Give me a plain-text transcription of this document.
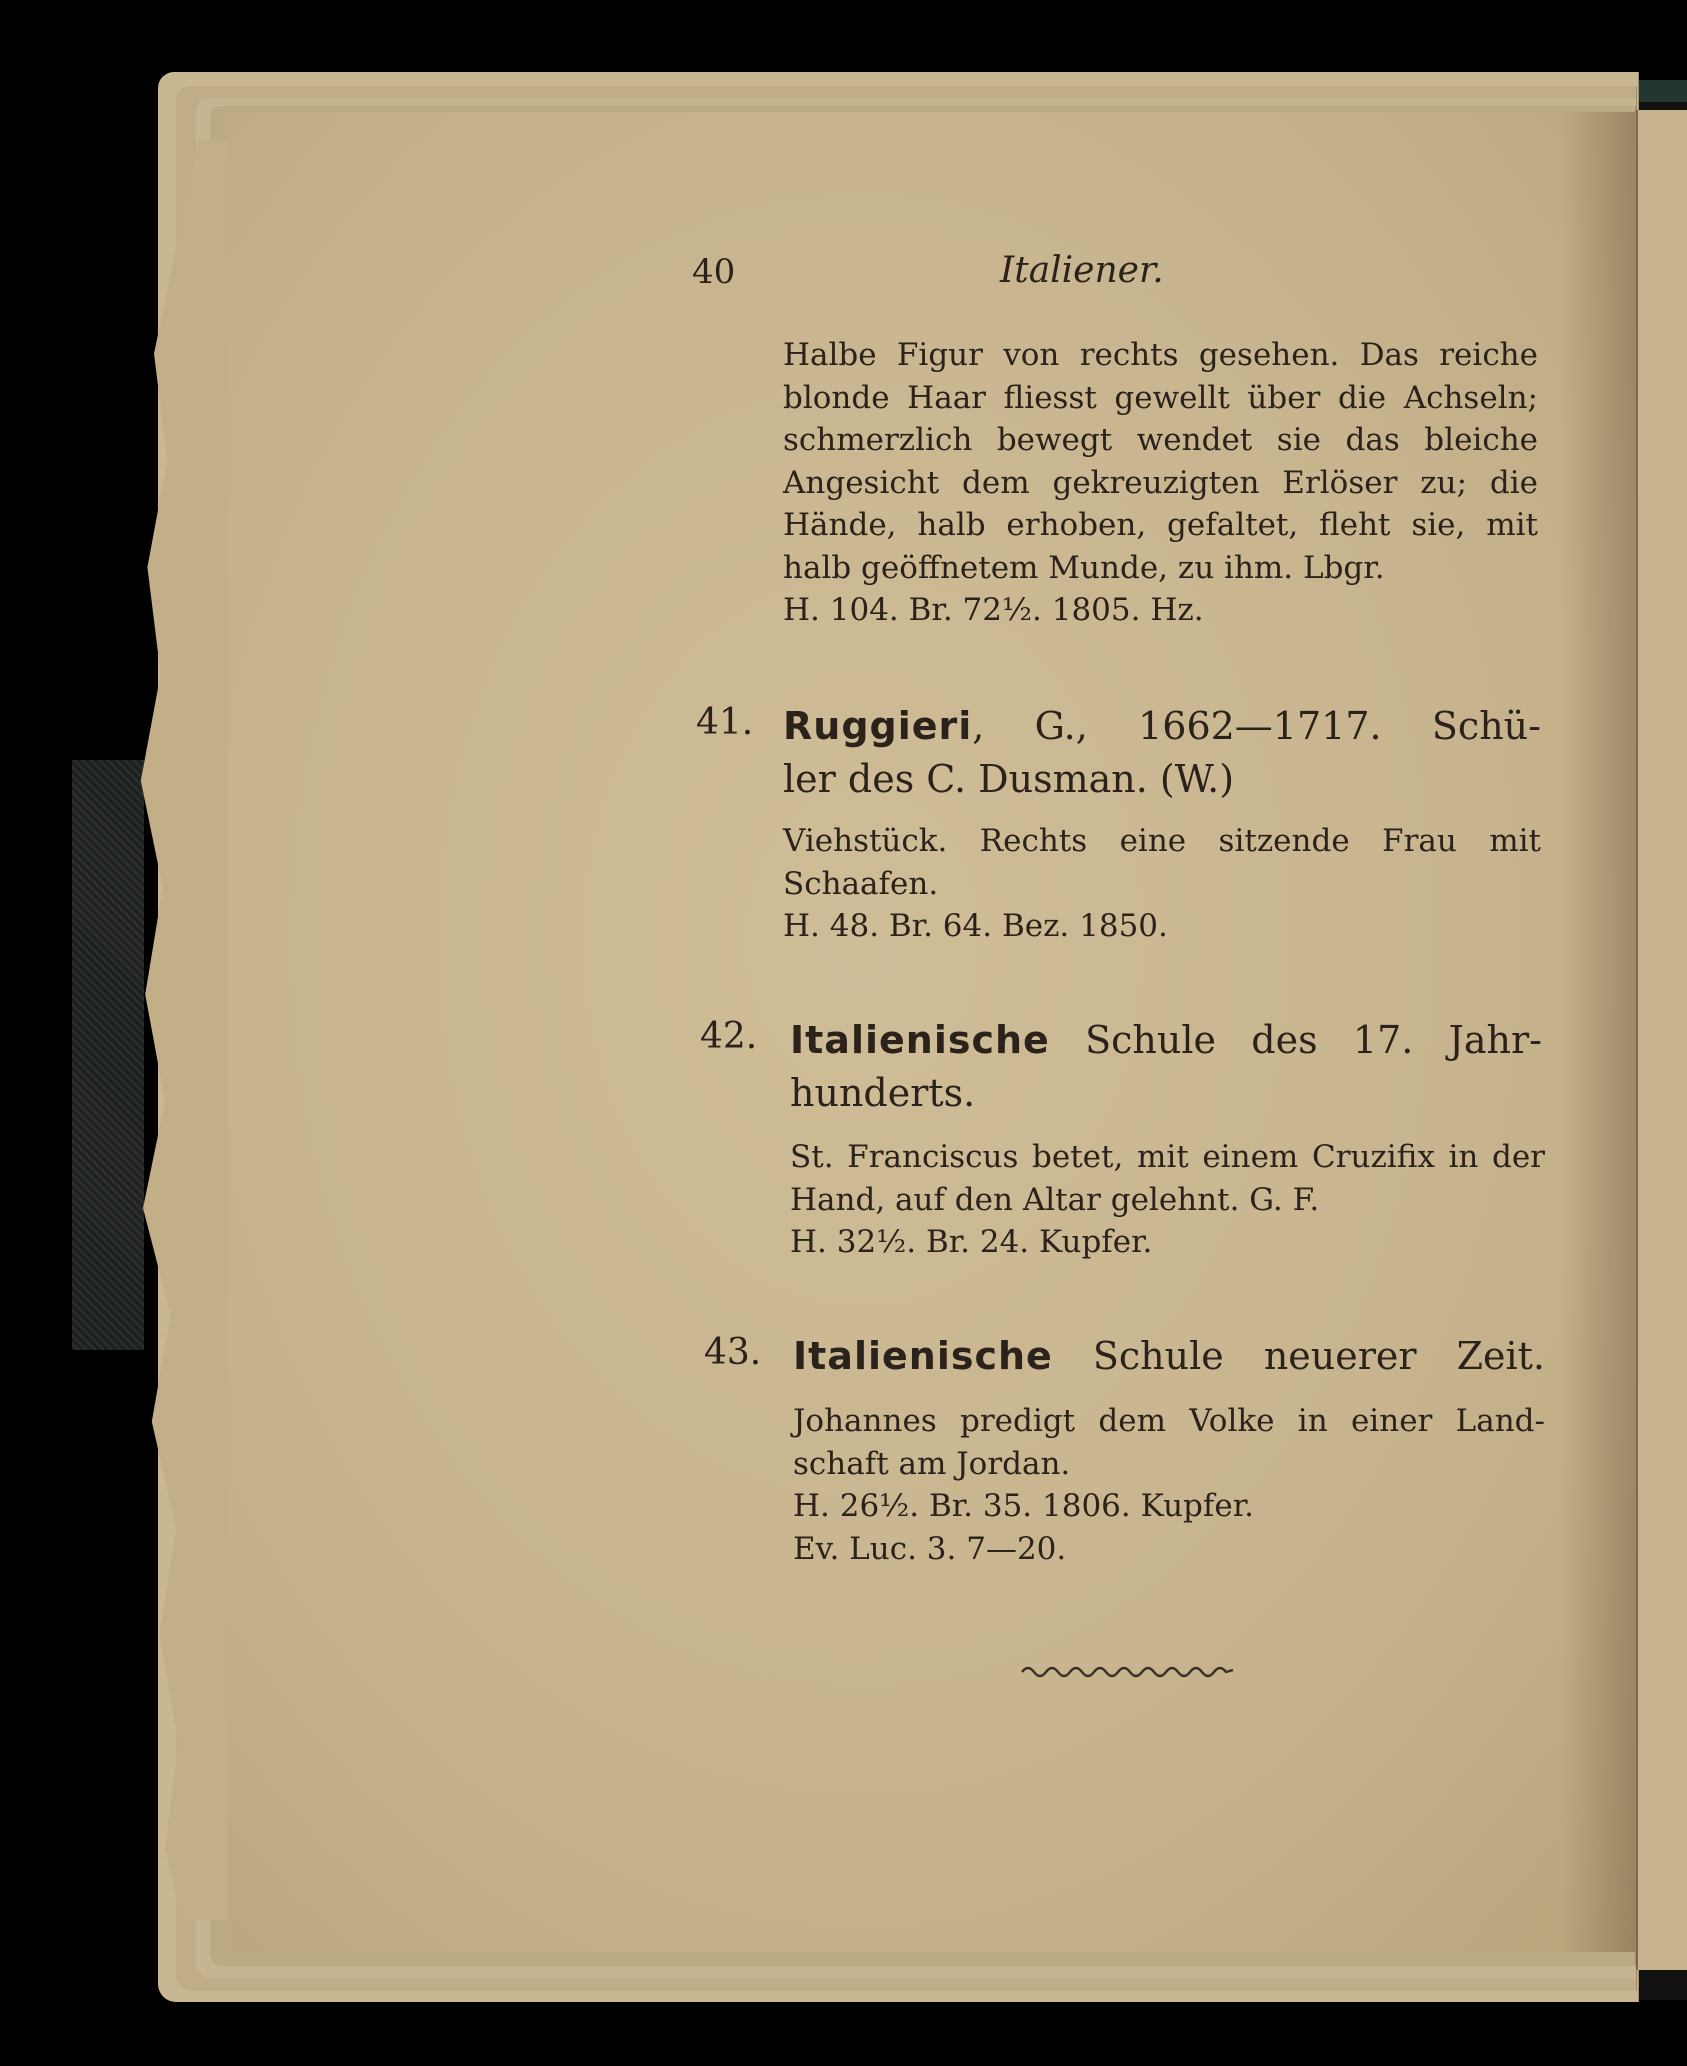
40	Italiener.
Halbe Figur von rechts gesehen. Das reiche
blonde Haar fliesst gewellt über die Achseln;
schmerzlich bewegt wendet sie das bleiche
Angesicht dem gekreuzigten Erlöser zu; die
Hände, halb erhoben, gefaltet, fleht sie, mit
halb geöffnetem Munde, zu ihm. Lbgr.
H. 104. Br. 72½. 1805. Hz.
41. Ruggieri, G., 1662—1717. Schü-
ler des C. Dusman. (W.)
Viehstück. Rechts eine sitzende Frau mit
Schaafen.
H. 48. Br. 64. Bez. 1850.
42. Italienische Schule des 17. Jahr-
hunderts.
St. Franciscus betet, mit einem Cruzifix in der
Hand, auf den Altar gelehnt. G. F.
H. 32½. Br. 24. Kupfer.
43. Italienische Schule neuerer Zeit.
Johannes predigt dem Volke in einer Land-
schaft am Jordan.
H. 26½. Br. 35. 1806. Kupfer.
Ev. Luc. 3. 7—20.
